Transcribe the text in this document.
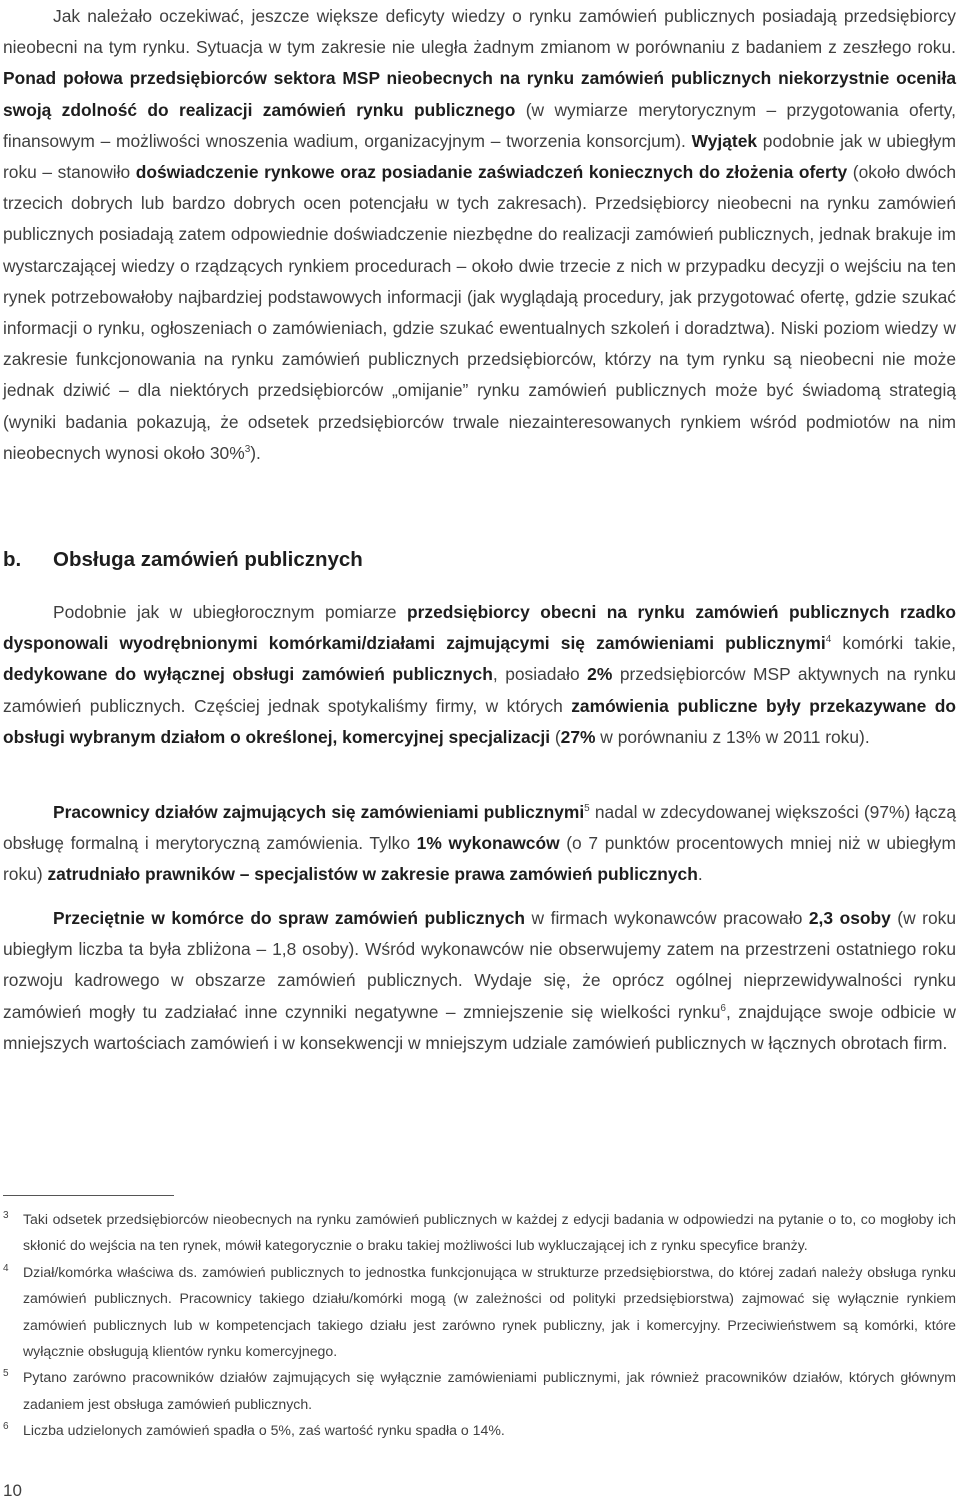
Jak należało oczekiwać, jeszcze większe deficyty wiedzy o rynku zamówień publicznych posiadają przedsiębiorcy nieobecni na tym rynku. Sytuacja w tym zakresie nie uległa żadnym zmianom w porównaniu z badaniem z zeszłego roku. Ponad połowa przedsiębiorców sektora MSP nieobecnych na rynku zamówień publicznych niekorzystnie oceniła swoją zdolność do realizacji zamówień rynku publicznego (w wymiarze merytorycznym – przygotowania oferty, finansowym – możliwości wnoszenia wadium, organizacyjnym – tworzenia konsorcjum). Wyjątek podobnie jak w ubiegłym roku – stanowiło doświadczenie rynkowe oraz posiadanie zaświadczeń koniecznych do złożenia oferty (około dwóch trzecich dobrych lub bardzo dobrych ocen potencjału w tych zakresach). Przedsiębiorcy nieobecni na rynku zamówień publicznych posiadają zatem odpowiednie doświadczenie niezbędne do realizacji zamówień publicznych, jednak brakuje im wystarczającej wiedzy o rządzących rynkiem procedurach – około dwie trzecie z nich w przypadku decyzji o wejściu na ten rynek potrzebowałoby najbardziej podstawowych informacji (jak wyglądają procedury, jak przygotować ofertę, gdzie szukać informacji o rynku, ogłoszeniach o zamówieniach, gdzie szukać ewentualnych szkoleń i doradztwa). Niski poziom wiedzy w zakresie funkcjonowania na rynku zamówień publicznych przedsiębiorców, którzy na tym rynku są nieobecni nie może jednak dziwić – dla niektórych przedsiębiorców „omijanie” rynku zamówień publicznych może być świadomą strategią (wyniki badania pokazują, że odsetek przedsiębiorców trwale niezainteresowanych rynkiem wśród podmiotów na nim nieobecnych wynosi około 30%$^3$).

b. Obsługa zamówień publicznych

Podobnie jak w ubiegłorocznym pomiarze przedsiębiorcy obecni na rynku zamówień publicznych rzadko dysponowali wyodrębnionymi komórkami/działami zajmującymi się zamówieniami publicznymi$^4$ komórki takie, dedykowane do wyłącznej obsługi zamówień publicznych, posiadało 2% przedsiębiorców MSP aktywnych na rynku zamówień publicznych. Częściej jednak spotykaliśmy firmy, w których zamówienia publiczne były przekazywane do obsługi wybranym działom o określonej, komercyjnej specjalizacji (27% w porównaniu z 13% w 2011 roku).

Pracownicy działów zajmujących się zamówieniami publicznymi$^5$ nadal w zdecydowanej większości (97%) łączą obsługę formalną i merytoryczną zamówienia. Tylko 1% wykonawców (o 7 punktów procentowych mniej niż w ubiegłym roku) zatrudniało prawników – specjalistów w zakresie prawa zamówień publicznych.

Przeciętnie w komórce do spraw zamówień publicznych w firmach wykonawców pracowało 2,3 osoby (w roku ubiegłym liczba ta była zbliżona – 1,8 osoby). Wśród wykonawców nie obserwujemy zatem na przestrzeni ostatniego roku rozwoju kadrowego w obszarze zamówień publicznych. Wydaje się, że oprócz ogólnej nieprzewidywalności rynku zamówień mogły tu zadziałać inne czynniki negatywne – zmniejszenie się wielkości rynku$^6$, znajdujące swoje odbicie w mniejszych wartościach zamówień i w konsekwencji w mniejszym udziale zamówień publicznych w łącznych obrotach firm.

3	Taki odsetek przedsiębiorców nieobecnych na rynku zamówień publicznych w każdej z edycji badania w odpowiedzi na pytanie o to, co mogłoby ich skłonić do wejścia na ten rynek, mówił kategorycznie o braku takiej możliwości lub wykluczającej ich z rynku specyfice branży.
4	Dział/komórka właściwa ds. zamówień publicznych to jednostka funkcjonująca w strukturze przedsiębiorstwa, do której zadań należy obsługa rynku zamówień publicznych. Pracownicy takiego działu/komórki mogą (w zależności od polityki przedsiębiorstwa) zajmować się wyłącznie rynkiem zamówień publicznych lub w kompetencjach takiego działu jest zarówno rynek publiczny, jak i komercyjny. Przeciwieństwem są komórki, które wyłącznie obsługują klientów rynku komercyjnego.
5	Pytano zarówno pracowników działów zajmujących się wyłącznie zamówieniami publicznymi, jak również pracowników działów, których głównym zadaniem jest obsługa zamówień publicznych.
6	Liczba udzielonych zamówień spadła o 5%, zaś wartość rynku spadła o 14%.
10
